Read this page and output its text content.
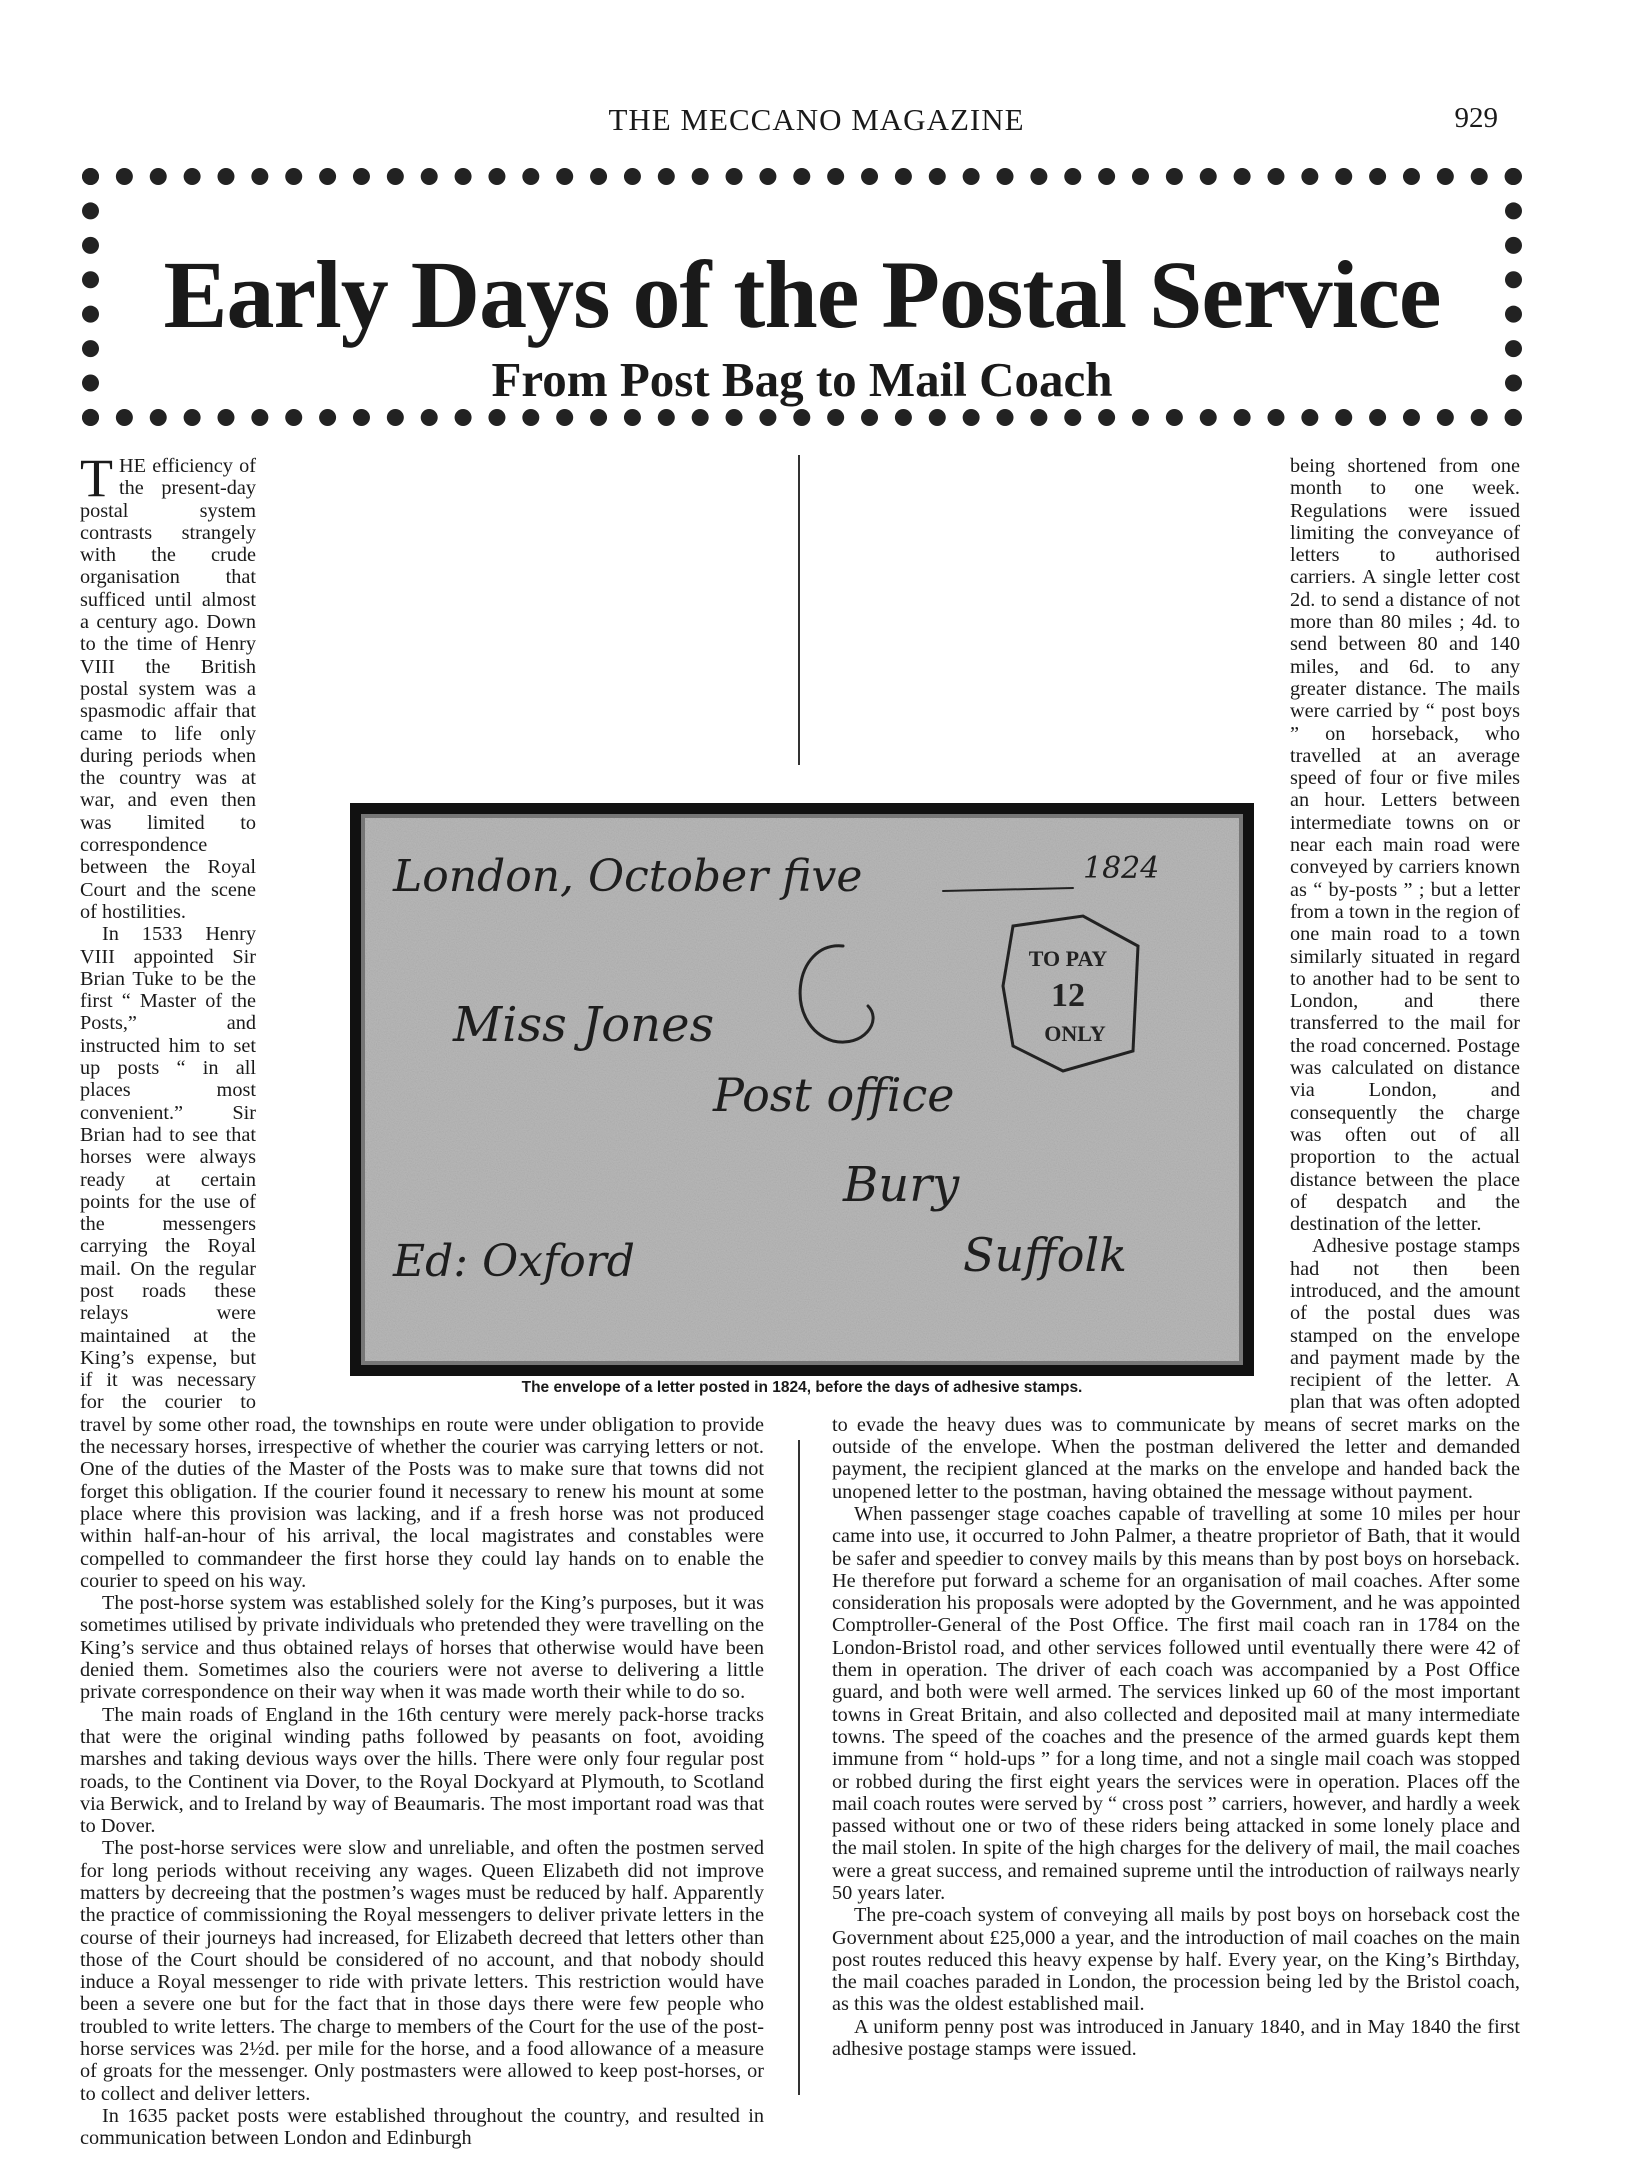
THE MECCANO MAGAZINE	929
Early Days of the Postal Service
From Post Bag to Mail Coach

THE efficiency of the present-day postal system contrasts strangely with the crude organisation that sufficed until almost a century ago. Down to the time of Henry VIII the British postal system was a spasmodic affair that came to life only during periods when the country was at war, and even then was limited to correspondence between the Royal Court and the scene of hostilities.

In 1533 Henry VIII appointed Sir Brian Tuke to be the first “ Master of the Posts,” and instructed him to set up posts “ in all places most convenient.” Sir Brian had to see that horses were always ready at certain points for the use of the messengers carrying the Royal mail. On the regular post roads these relays were maintained at the King’s expense, but if it was necessary for the courier to travel by some other road, the townships en route were under obligation to provide the necessary horses, irrespective of whether the courier was carrying letters or not. One of the duties of the Master of the Posts was to make sure that towns did not forget this obligation. If the courier found it necessary to renew his mount at some place where this provision was lacking, and if a fresh horse was not produced within half-an-hour of his arrival, the local magistrates and constables were compelled to commandeer the first horse they could lay hands on to enable the courier to speed on his way.

The post-horse system was established solely for the King’s purposes, but it was sometimes utilised by private individuals who pretended they were travelling on the King’s service and thus obtained relays of horses that otherwise would have been denied them. Sometimes also the couriers were not averse to delivering a little private correspondence on their way when it was made worth their while to do so.

The main roads of England in the 16th century were merely pack-horse tracks that were the original winding paths followed by peasants on foot, avoiding marshes and taking devious ways over the hills. There were only four regular post roads, to the Continent via Dover, to the Royal Dockyard at Plymouth, to Scotland via Berwick, and to Ireland by way of Beaumaris. The most important road was that to Dover.

The post-horse services were slow and unreliable, and often the postmen served for long periods without receiving any wages. Queen Elizabeth did not improve matters by decreeing that the postmen’s wages must be reduced by half. Apparently the practice of commissioning the Royal messengers to deliver private letters in the course of their journeys had increased, for Elizabeth decreed that letters other than those of the Court should be considered of no account, and that nobody should induce a Royal messenger to ride with private letters. This restriction would have been a severe one but for the fact that in those days there were few people who troubled to write letters. The charge to members of the Court for the use of the post-horse services was 2½d. per mile for the horse, and a food allowance of a measure of groats for the messenger. Only postmasters were allowed to keep post-horses, or to collect and deliver letters.

In 1635 packet posts were established throughout the country, and resulted in communication between London and Edinburgh

being shortened from one month to one week. Regulations were issued limiting the conveyance of letters to authorised carriers. A single letter cost 2d. to send a distance of not more than 80 miles ; 4d. to send between 80 and 140 miles, and 6d. to any greater distance. The mails were carried by “ post boys ” on horseback, who travelled at an average speed of four or five miles an hour. Letters between intermediate towns on or near each main road were conveyed by carriers known as “ by-posts ” ; but a letter from a town in the region of one main road to a town similarly situated in regard to another had to be sent to London, and there transferred to the mail for the road concerned. Postage was calculated on distance via London, and consequently the charge was often out of all proportion to the actual distance between the place of despatch and the destination of the letter.

Adhesive postage stamps had not then been introduced, and the amount of the postal dues was stamped on the envelope and payment made by the recipient of the letter. A plan that was often adopted to evade the heavy dues was to communicate by means of secret marks on the outside of the envelope. When the postman delivered the letter and demanded payment, the recipient glanced at the marks on the envelope and handed back the unopened letter to the postman, having obtained the message without payment.

When passenger stage coaches capable of travelling at some 10 miles per hour came into use, it occurred to John Palmer, a theatre proprietor of Bath, that it would be safer and speedier to convey mails by this means than by post boys on horseback. He therefore put forward a scheme for an organisation of mail coaches. After some consideration his proposals were adopted by the Government, and he was appointed Comptroller-General of the Post Office. The first mail coach ran in 1784 on the London-Bristol road, and other services followed until eventually there were 42 of them in operation. The driver of each coach was accompanied by a Post Office guard, and both were well armed. The services linked up 60 of the most important towns in Great Britain, and also collected and deposited mail at many intermediate towns. The speed of the coaches and the presence of the armed guards kept them immune from “ hold-ups ” for a long time, and not a single mail coach was stopped or robbed during the first eight years the services were in operation. Places off the mail coach routes were served by “ cross post ” carriers, however, and hardly a week passed without one or two of these riders being attacked in some lonely place and the mail stolen. In spite of the high charges for the delivery of mail, the mail coaches were a great success, and remained supreme until the introduction of railways nearly 50 years later.

The pre-coach system of conveying all mails by post boys on horseback cost the Government about £25,000 a year, and the introduction of mail coaches on the main post routes reduced this heavy expense by half. Every year, on the King’s Birthday, the mail coaches paraded in London, the procession being led by the Bristol coach, as this was the oldest established mail.

A uniform penny post was introduced in January 1840, and in May 1840 the first adhesive postage stamps were issued.

TO PAY
12
ONLY
London, October five	1824
Miss Jones
Post office
Bury
Suffolk
Ed: Oxford
The envelope of a letter posted in 1824, before the days of adhesive stamps.
